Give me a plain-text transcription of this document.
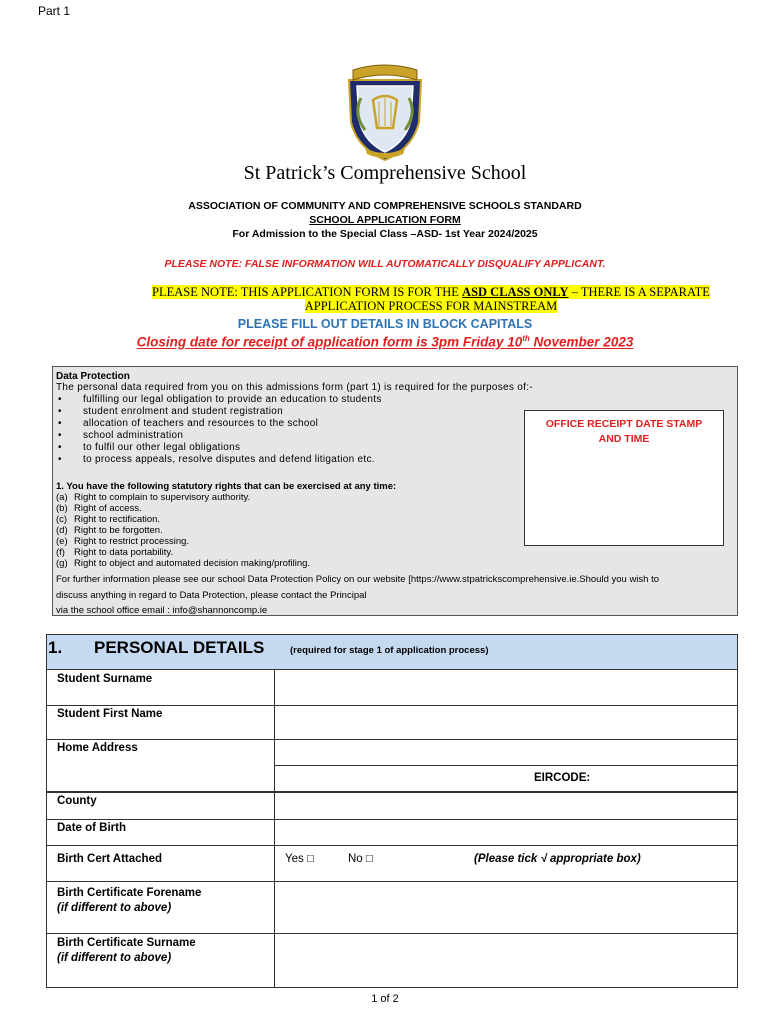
Part 1
St Patrick’s Comprehensive School
ASSOCIATION OF COMMUNITY AND COMPREHENSIVE SCHOOLS STANDARD
SCHOOL APPLICATION FORM
For Admission to the Special Class –ASD- 1st Year 2024/2025
PLEASE NOTE: FALSE INFORMATION WILL AUTOMATICALLY DISQUALIFY APPLICANT.
PLEASE NOTE: THIS APPLICATION FORM IS FOR THE ASD CLASS ONLY – THERE IS A SEPARATE APPLICATION PROCESS FOR MAINSTREAM
PLEASE FILL OUT DETAILS IN BLOCK CAPITALS
Closing date for receipt of application form is 3pm Friday 10th November 2023
Data Protection
The personal data required from you on this admissions form (part 1) is required for the purposes of:-
• fulfilling our legal obligation to provide an education to students
• student enrolment and student registration
• allocation of teachers and resources to the school
• school administration
• to fulfil our other legal obligations
• to process appeals, resolve disputes and defend litigation etc.
OFFICE RECEIPT DATE STAMP
AND TIME
1. You have the following statutory rights that can be exercised at any time:
(a) Right to complain to supervisory authority.
(b) Right of access.
(c) Right to rectification.
(d) Right to be forgotten.
(e) Right to restrict processing.
(f) Right to data portability.
(g) Right to object and automated decision making/profiling.
For further information please see our school Data Protection Policy on our website [https://www.stpatrickscomprehensive.ie.Should you wish to
discuss anything in regard to Data Protection, please contact the Principal
via the school office email : info@shannoncomp.ie
1. PERSONAL DETAILS	(required for stage 1 of application process)
Student Surname
Student First Name
Home Address
EIRCODE:
County
Date of Birth
Birth Cert Attached	Yes □	No □	(Please tick √ appropriate box)
Birth Certificate Forename
(if different to above)
Birth Certificate Surname
(if different to above)
1 of 2
